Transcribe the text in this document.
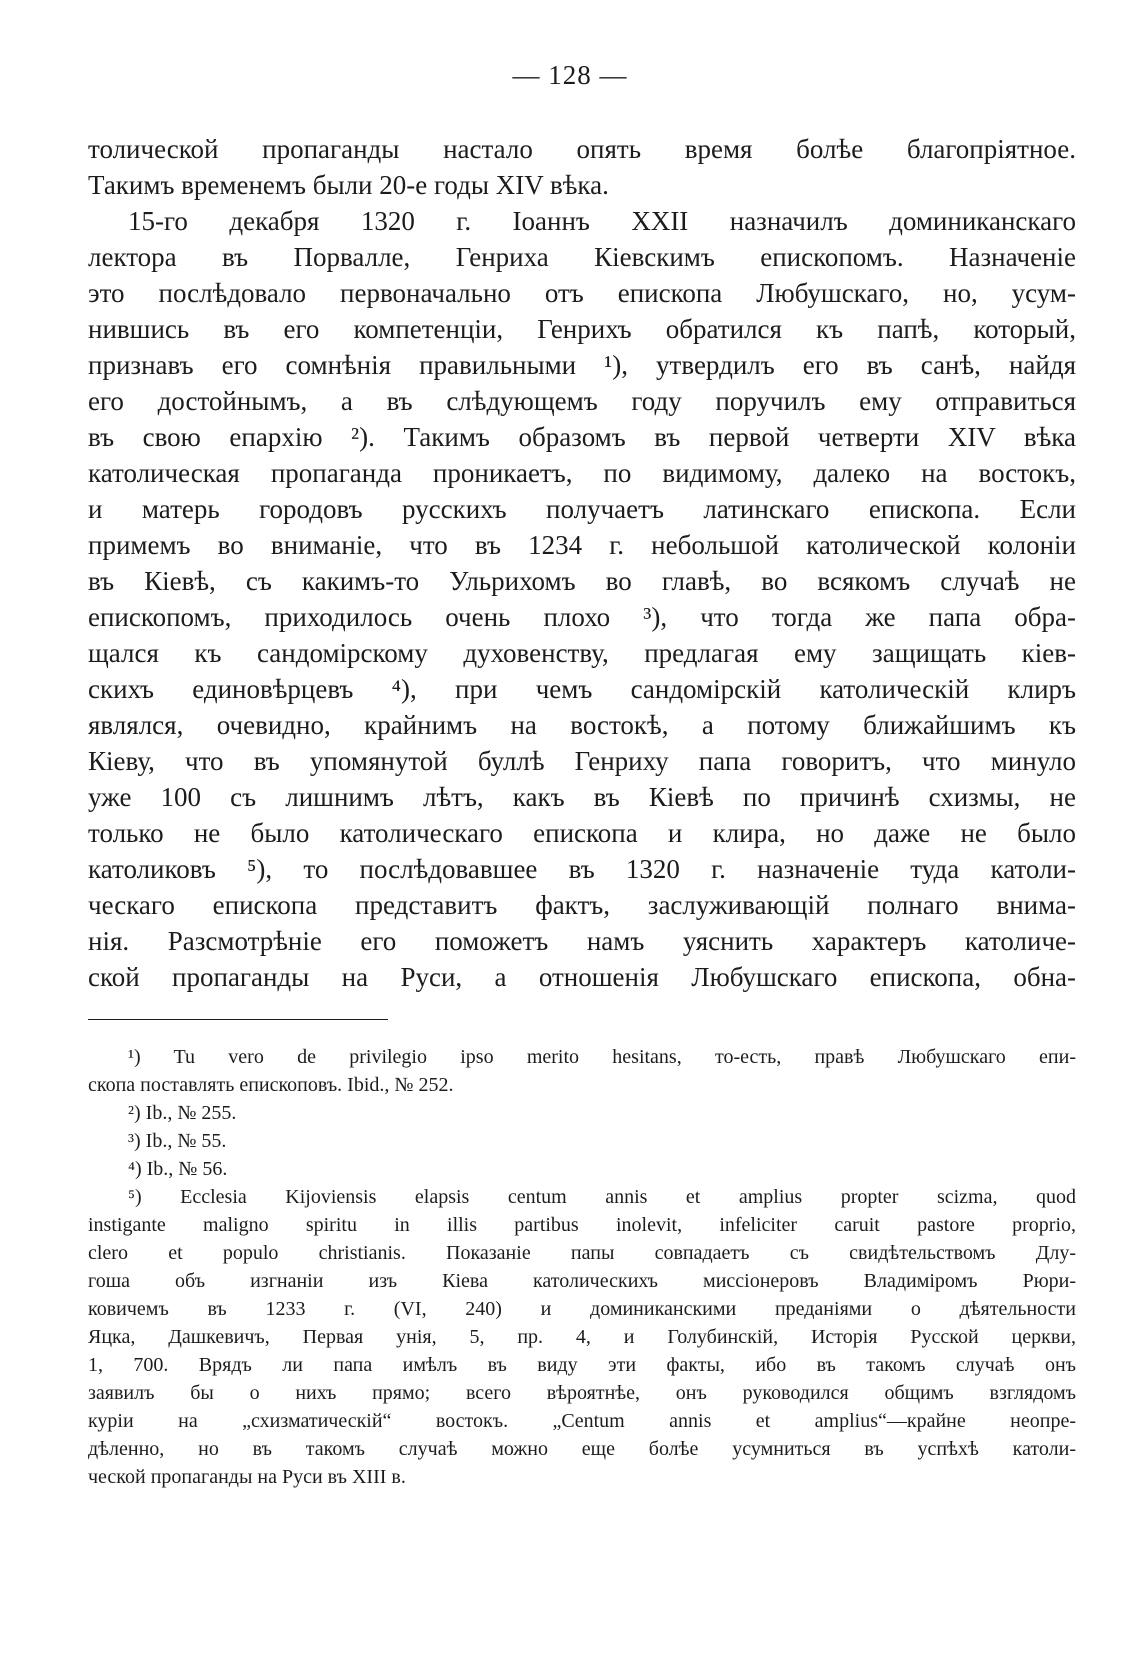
— 128 —
толической пропаганды настало опять время болѣе благопріятное.
Такимъ временемъ были 20-е годы XIV вѣка.
15-го декабря 1320 г. Іоаннъ XXII назначилъ доминиканскаго
лектора въ Порвалле, Генриха Кіевскимъ епископомъ. Назначеніе
это послѣдовало первоначально отъ епископа Любушскаго, но, усум-
нившись въ его компетенціи, Генрихъ обратился къ папѣ, который,
признавъ его сомнѣнія правильными ¹), утвердилъ его въ санѣ, найдя
его достойнымъ, а въ слѣдующемъ году поручилъ ему отправиться
въ свою епархію ²). Такимъ образомъ въ первой четверти XIV вѣка
католическая пропаганда проникаетъ, по видимому, далеко на востокъ,
и матерь городовъ русскихъ получаетъ латинскаго епископа. Если
примемъ во вниманіе, что въ 1234 г. небольшой католической колоніи
въ Кіевѣ, съ какимъ-то Ульрихомъ во главѣ, во всякомъ случаѣ не
епископомъ, приходилось очень плохо ³), что тогда же папа обра-
щался къ сандомірскому духовенству, предлагая ему защищать кіев-
скихъ единовѣрцевъ ⁴), при чемъ сандомірскій католическій клиръ
являлся, очевидно, крайнимъ на востокѣ, а потому ближайшимъ къ
Кіеву, что въ упомянутой буллѣ Генриху папа говоритъ, что минуло
уже 100 съ лишнимъ лѣтъ, какъ въ Кіевѣ по причинѣ схизмы, не
только не было католическаго епископа и клира, но даже не было
католиковъ ⁵), то послѣдовавшее въ 1320 г. назначеніе туда католи-
ческаго епископа представитъ фактъ, заслуживающій полнаго внима-
нія. Разсмотрѣніе его поможетъ намъ уяснить характеръ католиче-
ской пропаганды на Руси, а отношенія Любушскаго епископа, обна-
¹) Tu vero de privilegio ipso merito hesitans, то-есть, правѣ Любушскаго епи-
скопа поставлять епископовъ. Ibid., № 252.
²) Ib., № 255.
³) Ib., № 55.
⁴) Ib., № 56.
⁵) Ecclesia Kijoviensis elapsis centum annis et amplius propter scizma, quod
instigante maligno spiritu in illis partibus inolevit, infeliciter caruit pastore proprio,
clero et populo christianis. Показаніе папы совпадаетъ съ свидѣтельствомъ Длу-
гоша объ изгнаніи изъ Кіева католическихъ миссіонеровъ Владиміромъ Рюри-
ковичемъ въ 1233 г. (VI, 240) и доминиканскими преданіями о дѣятельности
Яцка, Дашкевичъ, Первая унія, 5, пр. 4, и Голубинскій, Исторія Русской церкви,
1, 700. Врядъ ли папа имѣлъ въ виду эти факты, ибо въ такомъ случаѣ онъ
заявилъ бы о нихъ прямо; всего вѣроятнѣе, онъ руководился общимъ взглядомъ
куріи на „схизматическій“ востокъ. „Centum annis et amplius“—крайне неопре-
дѣленно, но въ такомъ случаѣ можно еще болѣе усумниться въ успѣхѣ католи-
ческой пропаганды на Руси въ XIII в.
